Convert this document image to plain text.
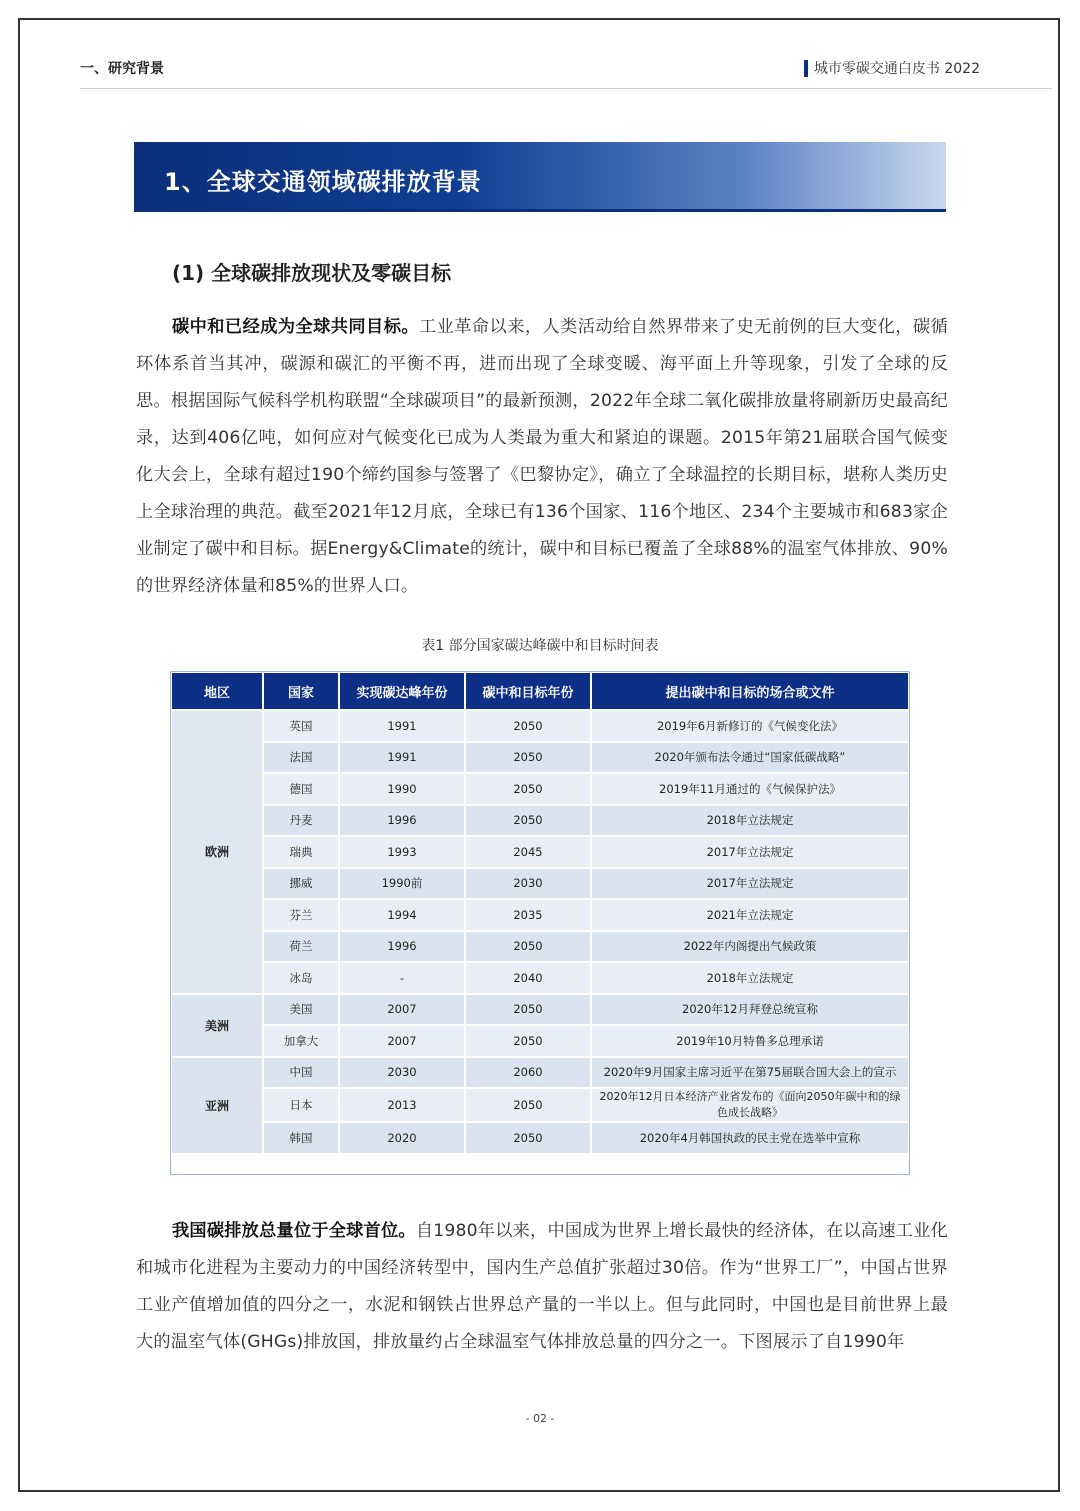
一、研究背景	城市零碳交通白皮书 2022
1、全球交通领域碳排放背景
(1) 全球碳排放现状及零碳目标

碳中和已经成为全球共同目标。工业革命以来，人类活动给自然界带来了史无前例的巨大变化，碳循环体系首当其冲，碳源和碳汇的平衡不再，进而出现了全球变暖、海平面上升等现象，引发了全球的反思。根据国际气候科学机构联盟“全球碳项目”的最新预测，2022年全球二氧化碳排放量将刷新历史最高纪录，达到406亿吨，如何应对气候变化已成为人类最为重大和紧迫的课题。2015年第21届联合国气候变化大会上，全球有超过190个缔约国参与签署了《巴黎协定》，确立了全球温控的长期目标，堪称人类历史上全球治理的典范。截至2021年12月底，全球已有136个国家、116个地区、234个主要城市和683家企业制定了碳中和目标。据Energy&Climate的统计，碳中和目标已覆盖了全球88%的温室气体排放、90%的世界经济体量和85%的世界人口。

表1 部分国家碳达峰碳中和目标时间表
地区	国家	实现碳达峰年份	碳中和目标年份	提出碳中和目标的场合或文件
欧洲	英国	1991	2050	2019年6月新修订的《气候变化法》
	法国	1991	2050	2020年颁布法令通过“国家低碳战略”
	德国	1990	2050	2019年11月通过的《气候保护法》
	丹麦	1996	2050	2018年立法规定
	瑞典	1993	2045	2017年立法规定
	挪威	1990前	2030	2017年立法规定
	芬兰	1994	2035	2021年立法规定
	荷兰	1996	2050	2022年内阁提出气候政策
	冰岛	-	2040	2018年立法规定
美洲	美国	2007	2050	2020年12月拜登总统宣称
	加拿大	2007	2050	2019年10月特鲁多总理承诺
亚洲	中国	2030	2060	2020年9月国家主席习近平在第75届联合国大会上的宣示
	日本	2013	2050	2020年12月日本经济产业省发布的《面向2050年碳中和的绿色成长战略》
	韩国	2020	2050	2020年4月韩国执政的民主党在选举中宣称

我国碳排放总量位于全球首位。自1980年以来，中国成为世界上增长最快的经济体，在以高速工业化和城市化进程为主要动力的中国经济转型中，国内生产总值扩张超过30倍。作为“世界工厂”，中国占世界工业产值增加值的四分之一，水泥和钢铁占世界总产量的一半以上。但与此同时，中国也是目前世界上最大的温室气体(GHGs)排放国，排放量约占全球温室气体排放总量的四分之一。下图展示了自1990年

- 02 -
